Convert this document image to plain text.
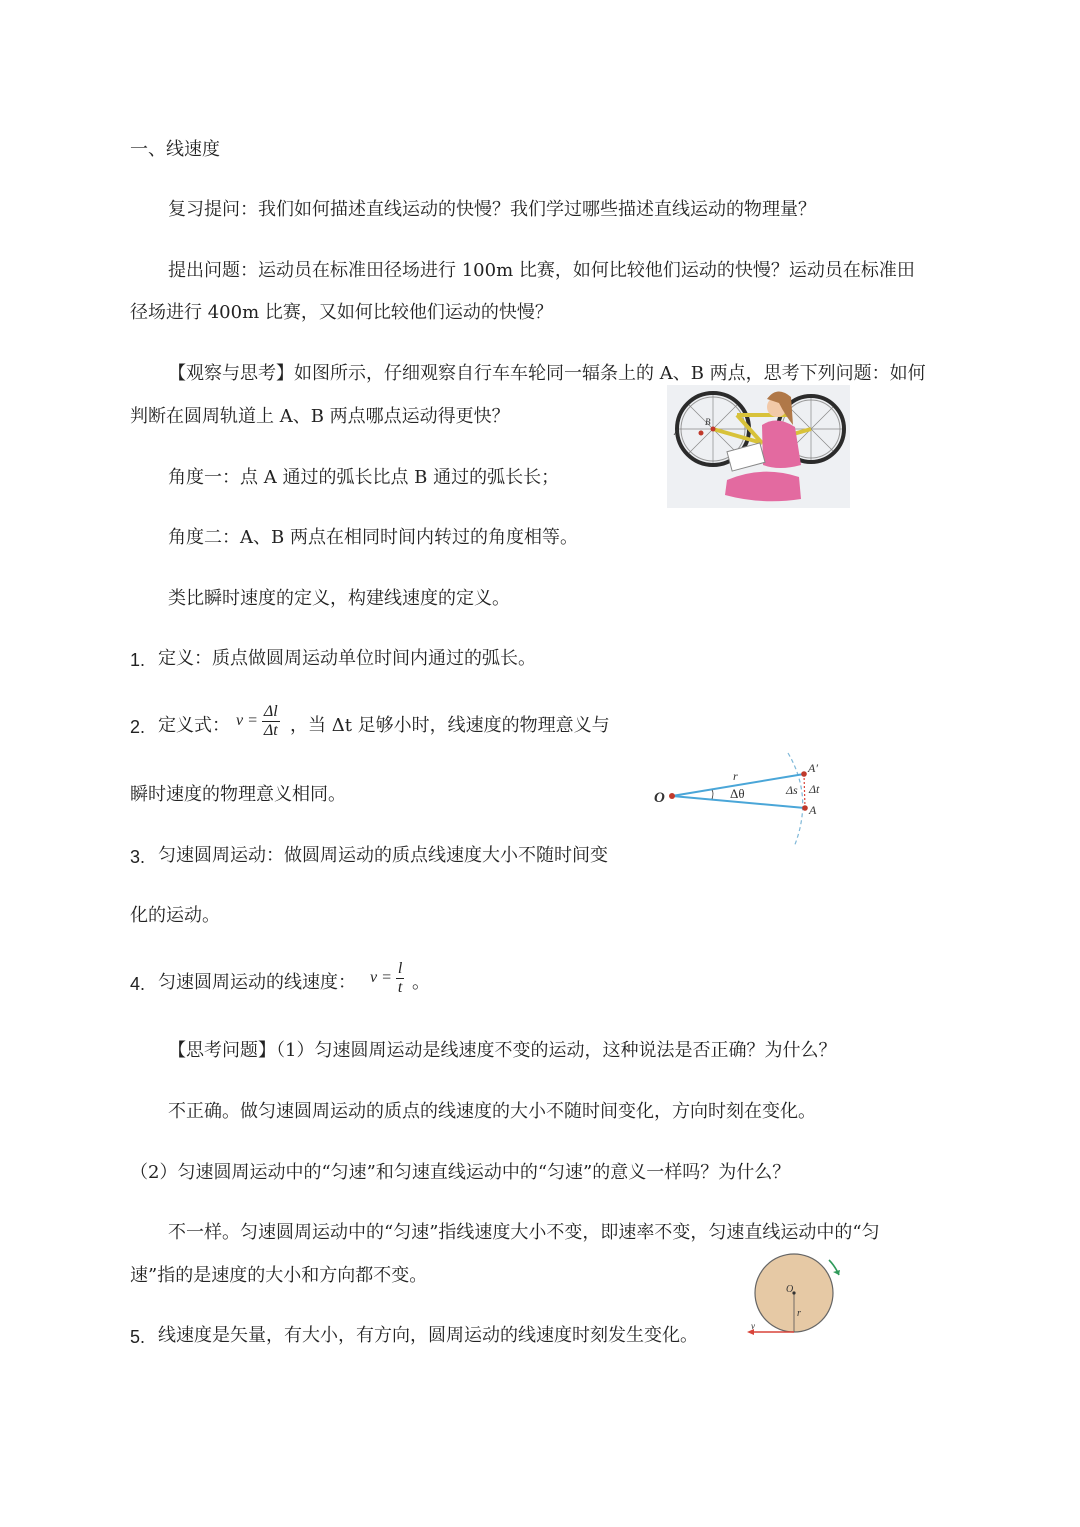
一、线速度
复习提问：我们如何描述直线运动的快慢？我们学过哪些描述直线运动的物理量？
提出问题：运动员在标准田径场进行 100m 比赛，如何比较他们运动的快慢？运动员在标准田
径场进行 400m 比赛，又如何比较他们运动的快慢？
【观察与思考】如图所示，仔细观察自行车车轮同一辐条上的 A、B 两点，思考下列问题：如何
判断在圆周轨道上 A、B 两点哪点运动得更快？
A
B
角度一：点 A 通过的弧长比点 B 通过的弧长长；
角度二：A、B 两点在相同时间内转过的角度相等。
类比瞬时速度的定义，构建线速度的定义。
1. 定义：质点做圆周运动单位时间内通过的弧长。
2. 定义式： $v = \frac{\Delta l}{\Delta t}$ ，当 Δt 足够小时，线速度的物理意义与
瞬时速度的物理意义相同。	O
r
Δθ	Δs Δt
A′
A
3. 匀速圆周运动：做圆周运动的质点线速度大小不随时间变
化的运动。
4. 匀速圆周运动的线速度： $v = \frac{l}{t}$ 。
【思考问题】（1）匀速圆周运动是线速度不变的运动，这种说法是否正确？为什么？
不正确。做匀速圆周运动的质点的线速度的大小不随时间变化，方向时刻在变化。
（2）匀速圆周运动中的“匀速”和匀速直线运动中的“匀速”的意义一样吗？为什么？
不一样。匀速圆周运动中的“匀速”指线速度大小不变，即速率不变，匀速直线运动中的“匀
速”指的是速度的大小和方向都不变。
O
r
v
5. 线速度是矢量，有大小，有方向，圆周运动的线速度时刻发生变化。
